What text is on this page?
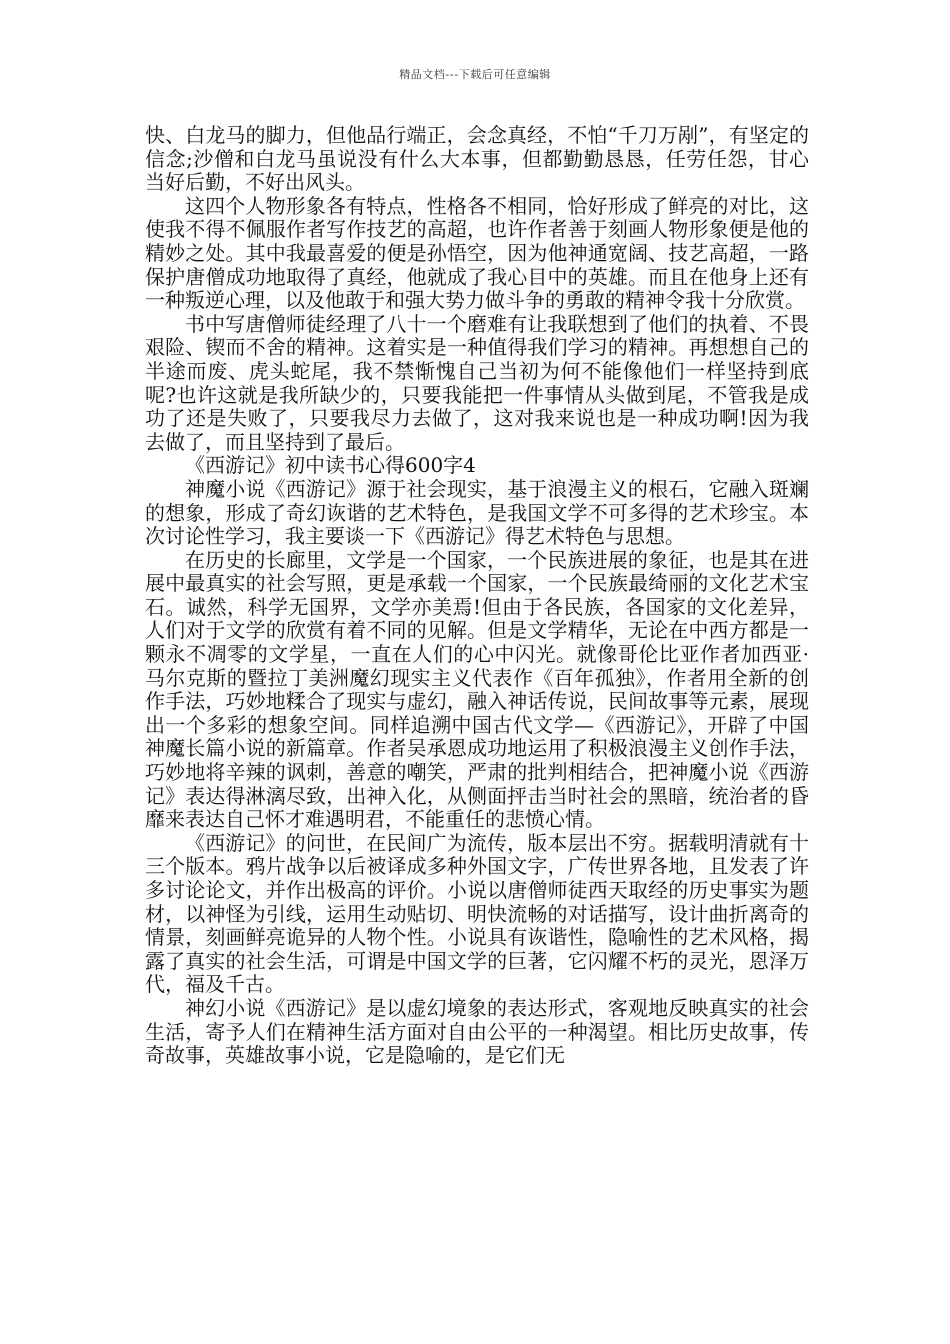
精品文档---下载后可任意编辑

快、白龙马的脚力，但他品行端正，会念真经，不怕“千刀万剐”，有坚定的信念;沙僧和白龙马虽说没有什么大本事，但都勤勤恳恳，任劳任怨，甘心当好后勤，不好出风头。

这四个人物形象各有特点，性格各不相同，恰好形成了鲜亮的对比，这使我不得不佩服作者写作技艺的高超，也许作者善于刻画人物形象便是他的精妙之处。其中我最喜爱的便是孙悟空，因为他神通宽阔、技艺高超，一路保护唐僧成功地取得了真经，他就成了我心目中的英雄。而且在他身上还有一种叛逆心理，以及他敢于和强大势力做斗争的勇敢的精神令我十分欣赏。

书中写唐僧师徒经理了八十一个磨难有让我联想到了他们的执着、不畏艰险、锲而不舍的精神。这着实是一种值得我们学习的精神。再想想自己的半途而废、虎头蛇尾，我不禁惭愧自己当初为何不能像他们一样坚持到底呢?也许这就是我所缺少的，只要我能把一件事情从头做到尾，不管我是成功了还是失败了，只要我尽力去做了，这对我来说也是一种成功啊!因为我去做了，而且坚持到了最后。

《西游记》初中读书心得600字4

神魔小说《西游记》源于社会现实，基于浪漫主义的根石，它融入斑斓的想象，形成了奇幻诙谐的艺术特色，是我国文学不可多得的艺术珍宝。本次讨论性学习，我主要谈一下《西游记》得艺术特色与思想。

在历史的长廊里，文学是一个国家，一个民族进展的象征，也是其在进展中最真实的社会写照，更是承载一个国家，一个民族最绮丽的文化艺术宝石。诚然，科学无国界，文学亦美焉!但由于各民族，各国家的文化差异，人们对于文学的欣赏有着不同的见解。但是文学精华，无论在中西方都是一颗永不凋零的文学星，一直在人们的心中闪光。就像哥伦比亚作者加西亚·马尔克斯的暨拉丁美洲魔幻现实主义代表作《百年孤独》，作者用全新的创作手法，巧妙地糅合了现实与虚幻，融入神话传说，民间故事等元素，展现出一个多彩的想象空间。同样追溯中国古代文学—《西游记》，开辟了中国神魔长篇小说的新篇章。作者吴承恩成功地运用了积极浪漫主义创作手法，巧妙地将辛辣的讽刺，善意的嘲笑，严肃的批判相结合，把神魔小说《西游记》表达得淋漓尽致，出神入化，从侧面抨击当时社会的黑暗，统治者的昏靡来表达自己怀才难遇明君，不能重任的悲愤心情。

《西游记》的问世，在民间广为流传，版本层出不穷。据载明清就有十三个版本。鸦片战争以后被译成多种外国文字，广传世界各地，且发表了许多讨论论文，并作出极高的评价。小说以唐僧师徒西天取经的历史事实为题材，以神怪为引线，运用生动贴切、明快流畅的对话描写，设计曲折离奇的情景，刻画鲜亮诡异的人物个性。小说具有诙谐性，隐喻性的艺术风格，揭露了真实的社会生活，可谓是中国文学的巨著，它闪耀不朽的灵光，恩泽万代，福及千古。

神幻小说《西游记》是以虚幻境象的表达形式，客观地反映真实的社会生活，寄予人们在精神生活方面对自由公平的一种渴望。相比历史故事，传奇故事，英雄故事小说，它是隐喻的，是它们无
